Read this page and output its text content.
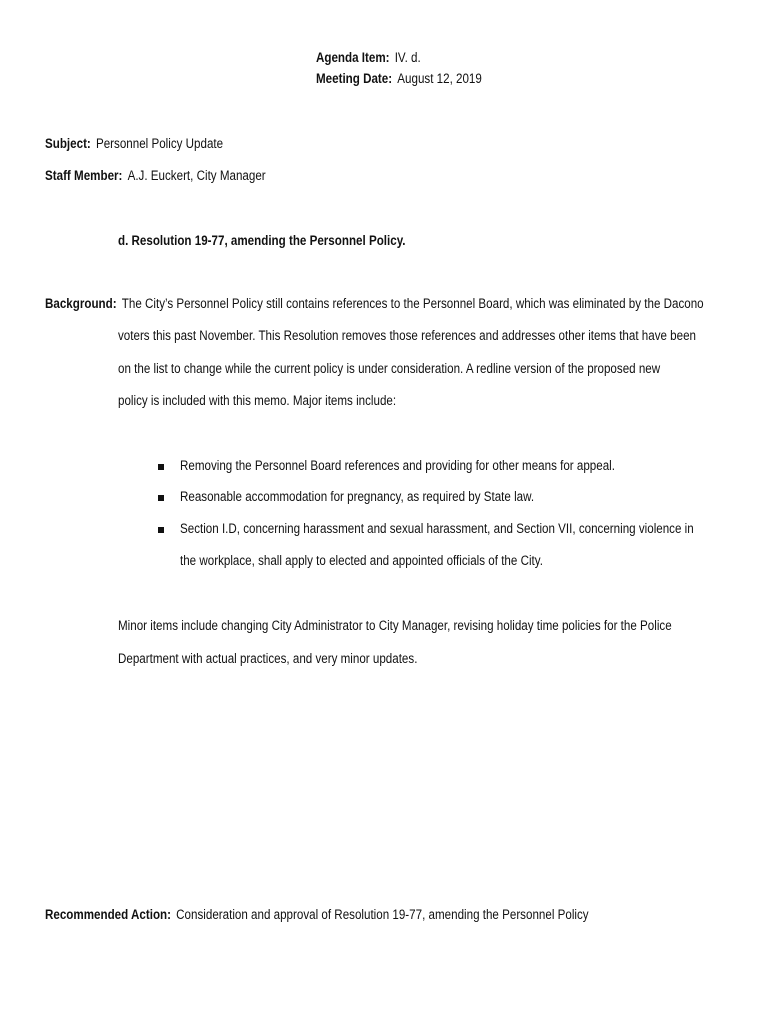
Agenda Item: IV. d.
Meeting Date: August 12, 2019
Subject: Personnel Policy Update
Staff Member: A.J. Euckert, City Manager
d. Resolution 19-77, amending the Personnel Policy.
Background: The City’s Personnel Policy still contains references to the Personnel Board, which was eliminated by the Dacono
voters this past November. This Resolution removes those references and addresses other items that have been
on the list to change while the current policy is under consideration. A redline version of the proposed new
policy is included with this memo. Major items include:
Removing the Personnel Board references and providing for other means for appeal.
Reasonable accommodation for pregnancy, as required by State law.
Section I.D, concerning harassment and sexual harassment, and Section VII, concerning violence in
the workplace, shall apply to elected and appointed officials of the City.
Minor items include changing City Administrator to City Manager, revising holiday time policies for the Police
Department with actual practices, and very minor updates.
Recommended Action: Consideration and approval of Resolution 19-77, amending the Personnel Policy
